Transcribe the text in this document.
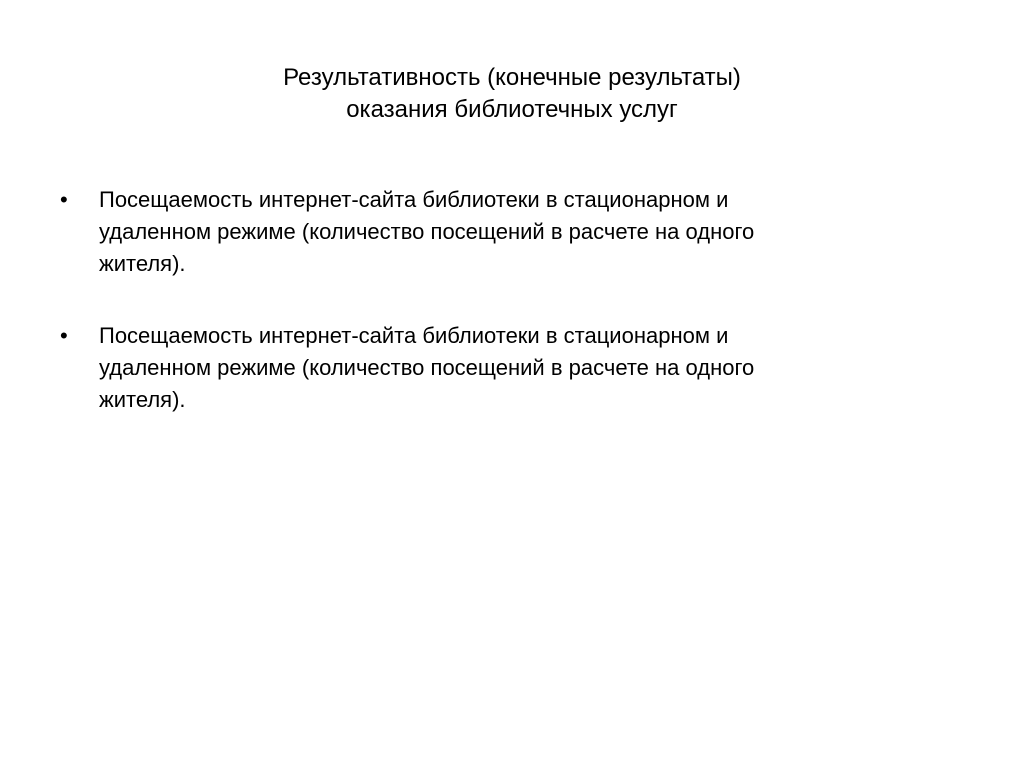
Результативность (конечные результаты)
оказания библиотечных услуг
•	Посещаемость интернет-сайта библиотеки в стационарном и
удаленном режиме (количество посещений в расчете на одного
жителя).
•	Посещаемость интернет-сайта библиотеки в стационарном и
удаленном режиме (количество посещений в расчете на одного
жителя).
